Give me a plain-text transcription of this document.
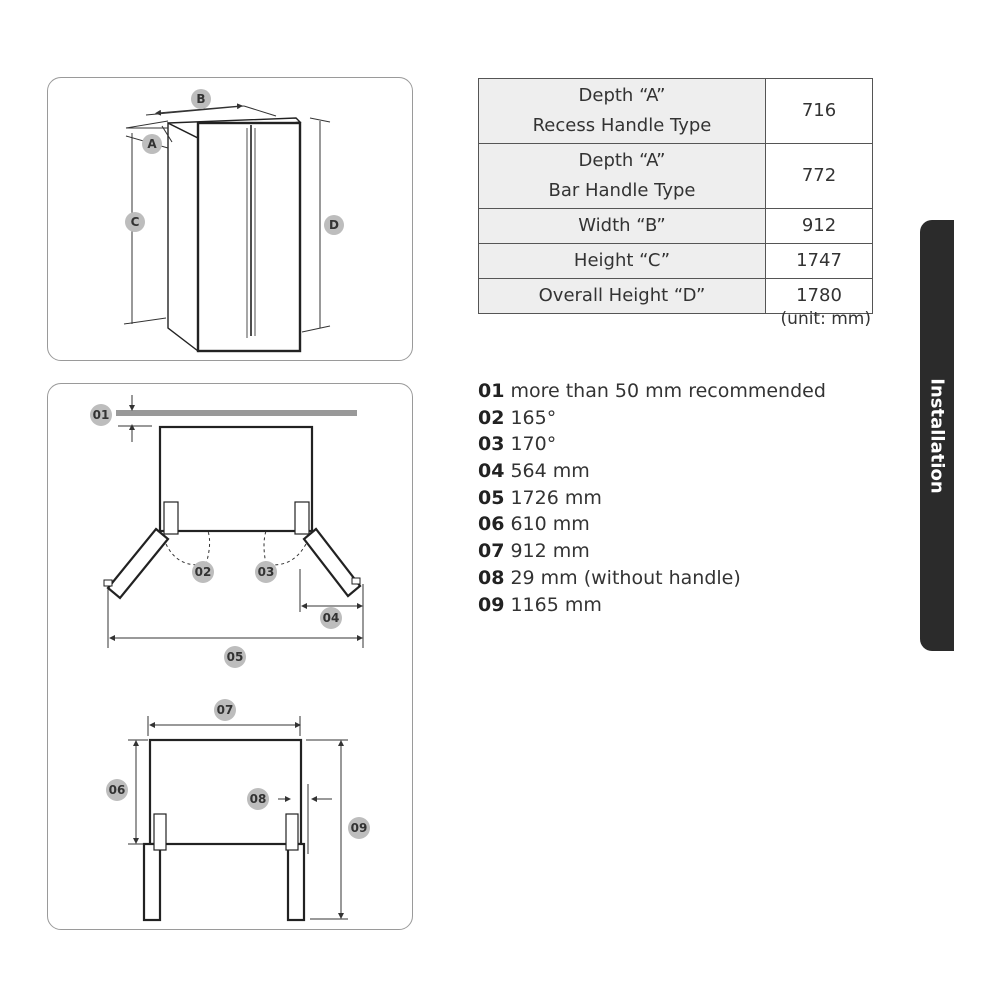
B
A
C	D
01
02	03
04
05
07
06
08
09
Depth “A”
Recess Handle Type	716

Depth “A”
Bar Handle Type	772
Width “B”	912
Height “C”	1747
Overall Height “D”	1780
(unit: mm)
01 more than 50 mm recommended
02 165°
03 170°
04 564 mm
05 1726 mm
06 610 mm
07 912 mm
08 29 mm (without handle)
09 1165 mm
Installation
